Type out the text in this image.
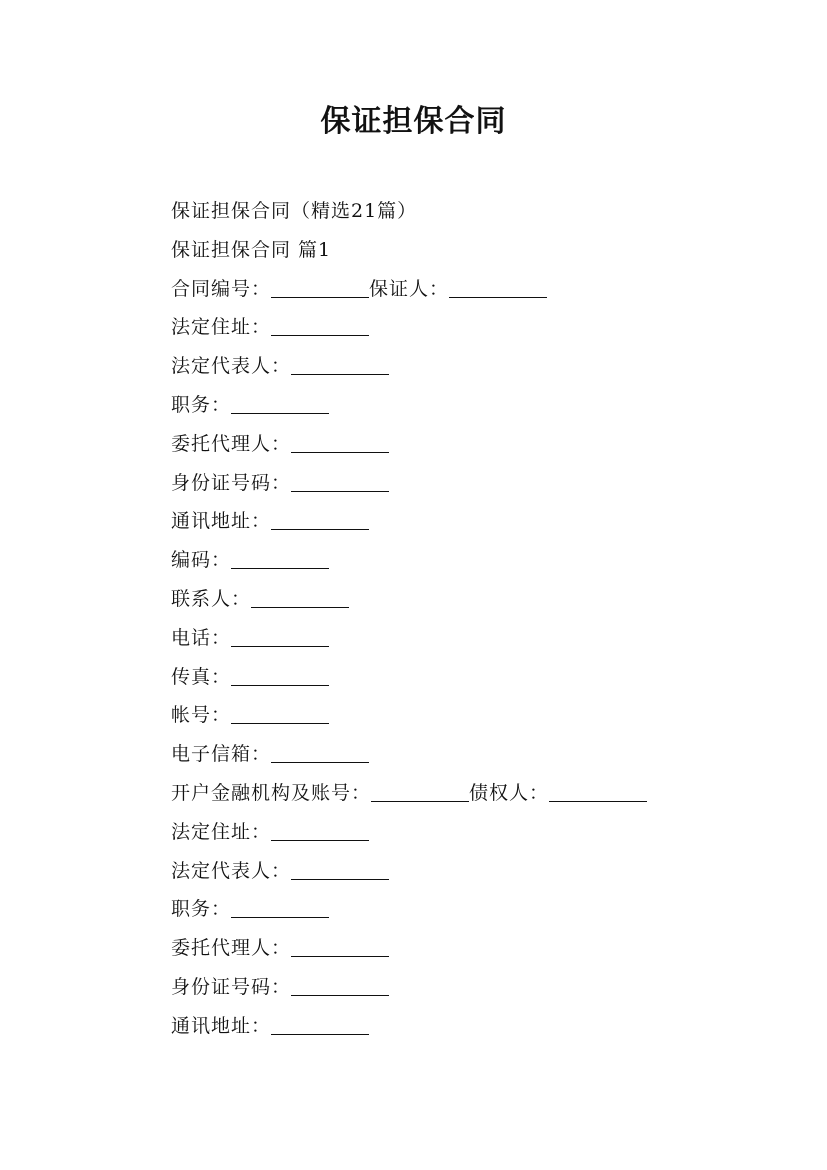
保证担保合同
保证担保合同（精选21篇）
保证担保合同 篇1
合同编号：	保证人：
法定住址：
法定代表人：
职务：
委托代理人：
身份证号码：
通讯地址：
编码：
联系人：
电话：
传真：
帐号：
电子信箱：
开户金融机构及账号：	债权人：
法定住址：
法定代表人：
职务：
委托代理人：
身份证号码：
通讯地址：
